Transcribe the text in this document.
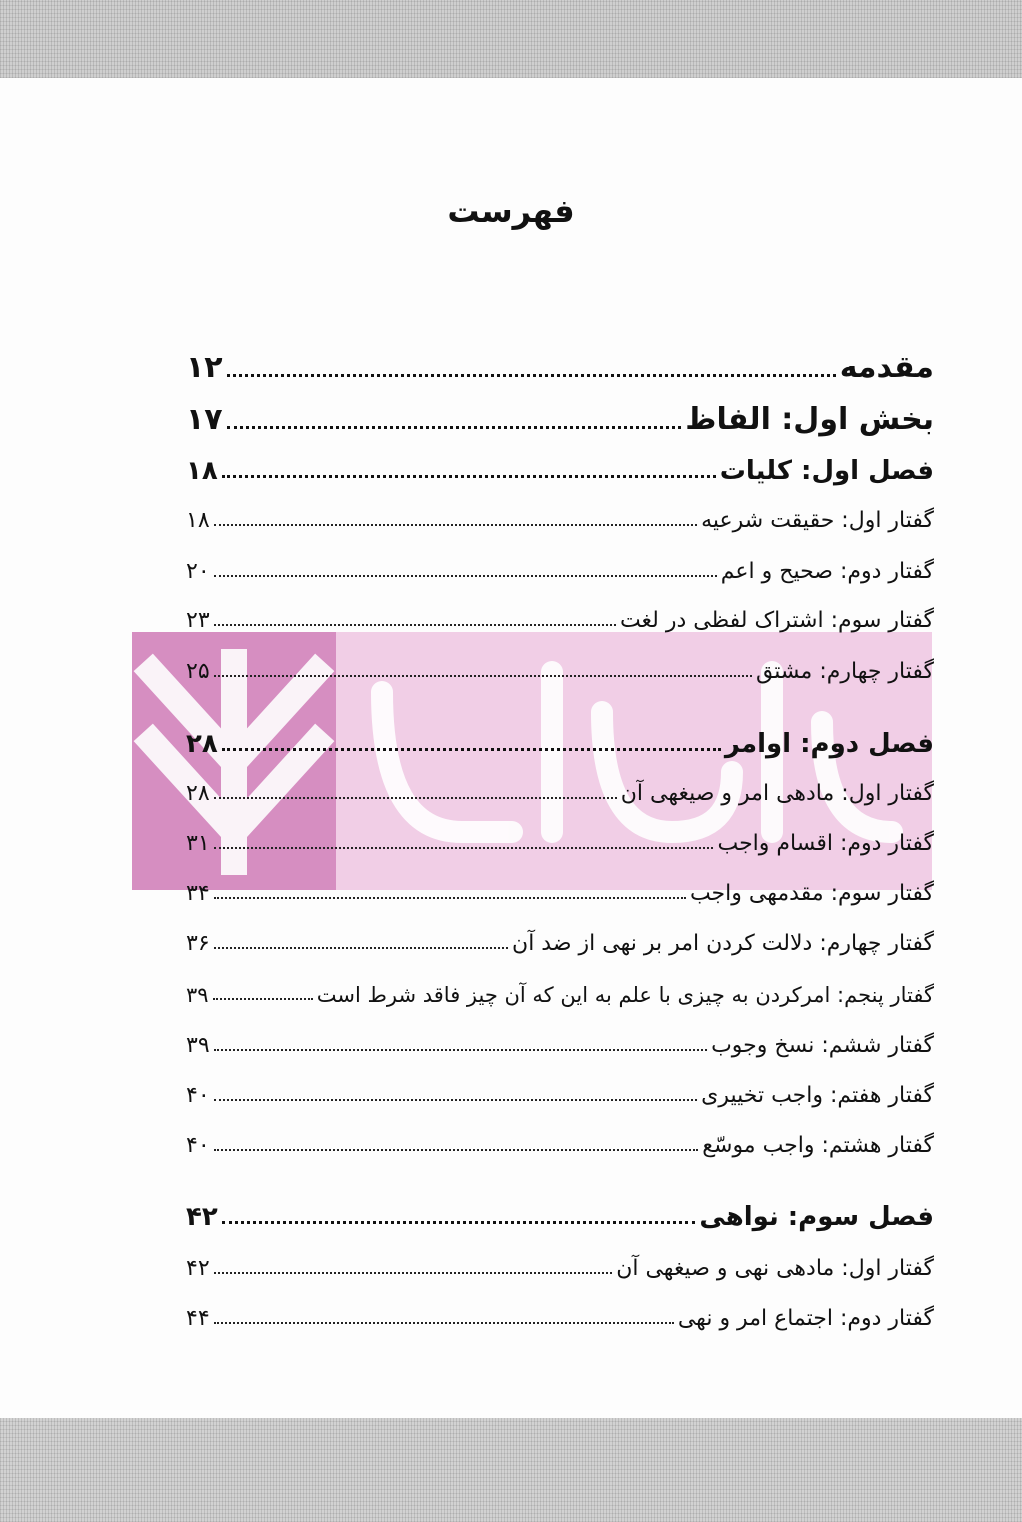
فهرست
مقدمه
۱۲
بخش اول: الفاظ
۱۷
فصل اول: کلیات
۱۸
گفتار اول: حقیقت شرعیه
۱۸
گفتار دوم: صحیح و اعم
۲۰
گفتار سوم: اشتراک لفظی در لغت
۲۳
گفتار چهارم: مشتق
۲۵
فصل دوم: اوامر
۲۸
گفتار اول: مادهی امر و صیغهی آن
۲۸
گفتار دوم: اقسام واجب
۳۱
گفتار سوم: مقدمهی واجب
۳۴
گفتار چهارم: دلالت کردن امر بر نهی از ضد آن
۳۶
گفتار پنجم: امرکردن به چیزی با علم به این که آن چیز فاقد شرط است
۳۹
گفتار ششم: نسخ وجوب
۳۹
گفتار هفتم: واجب تخییری
۴۰
گفتار هشتم: واجب موسّع
۴۰
فصل سوم: نواهی
۴۲
گفتار اول: مادهی نهی و صیغهی آن
۴۲
گفتار دوم: اجتماع امر و نهی
۴۴
